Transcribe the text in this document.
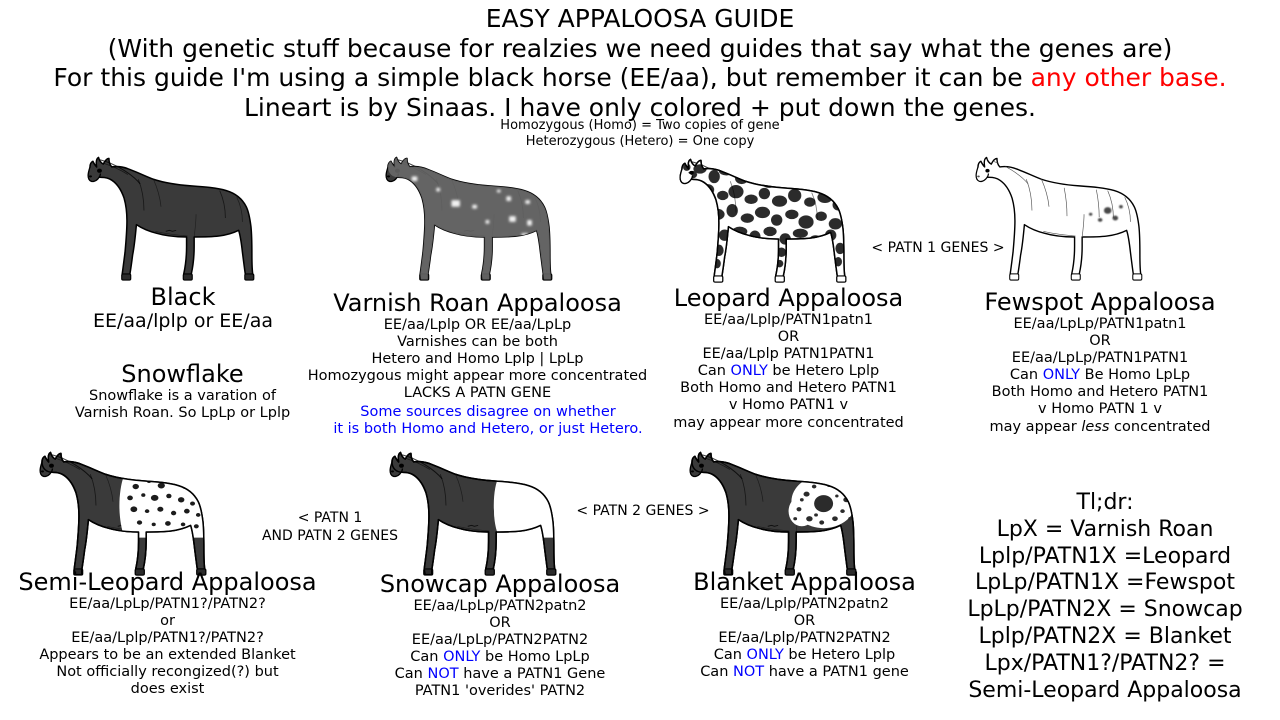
EASY APPALOOSA GUIDE
(With genetic stuff because for realzies we need guides that say what the genes are)
For this guide I'm using a simple black horse (EE/aa), but remember it can be any other base.
Lineart is by Sinaas. I have only colored + put down the genes.
Homozygous (Homo) = Two copies of gene
Heterozygous (Hetero) = One copy
Black
EE/aa/lplp or EE/aa
Snowflake
Snowflake is a varation of
Varnish Roan. So LpLp or Lplp
Varnish Roan Appaloosa
EE/aa/Lplp OR EE/aa/LpLp
Varnishes can be both
Hetero and Homo Lplp | LpLp
Homozygous might appear more concentrated
LACKS A PATN GENE
Some sources disagree on whether
it is both Homo and Hetero, or just Hetero.
Leopard Appaloosa
EE/aa/Lplp/PATN1patn1
OR
EE/aa/Lplp PATN1PATN1
Can ONLY be Hetero Lplp
Both Homo and Hetero PATN1
v Homo PATN1 v
may appear more concentrated
Fewspot Appaloosa
EE/aa/LpLp/PATN1patn1
OR
EE/aa/LpLp/PATN1PATN1
Can ONLY Be Homo LpLp
Both Homo and Hetero PATN1
v Homo PATN 1 v
may appear less concentrated
< PATN 1 GENES >
< PATN 2 GENES >
< PATN 1
AND PATN 2 GENES
Semi-Leopard Appaloosa
EE/aa/LpLp/PATN1?/PATN2?
or
EE/aa/Lplp/PATN1?/PATN2?
Appears to be an extended Blanket
Not officially recongized(?) but
does exist
Snowcap Appaloosa
EE/aa/LpLp/PATN2patn2
OR
EE/aa/LpLp/PATN2PATN2
Can ONLY be Homo LpLp
Can NOT have a PATN1 Gene
PATN1 'overides' PATN2
Blanket Appaloosa
EE/aa/Lplp/PATN2patn2
OR
EE/aa/Lplp/PATN2PATN2
Can ONLY be Hetero Lplp
Can NOT have a PATN1 gene
Tl;dr:
LpX = Varnish Roan
Lplp/PATN1X =Leopard
LpLp/PATN1X =Fewspot
LpLp/PATN2X = Snowcap
Lplp/PATN2X = Blanket
Lpx/PATN1?/PATN2? =
Semi-Leopard Appaloosa
